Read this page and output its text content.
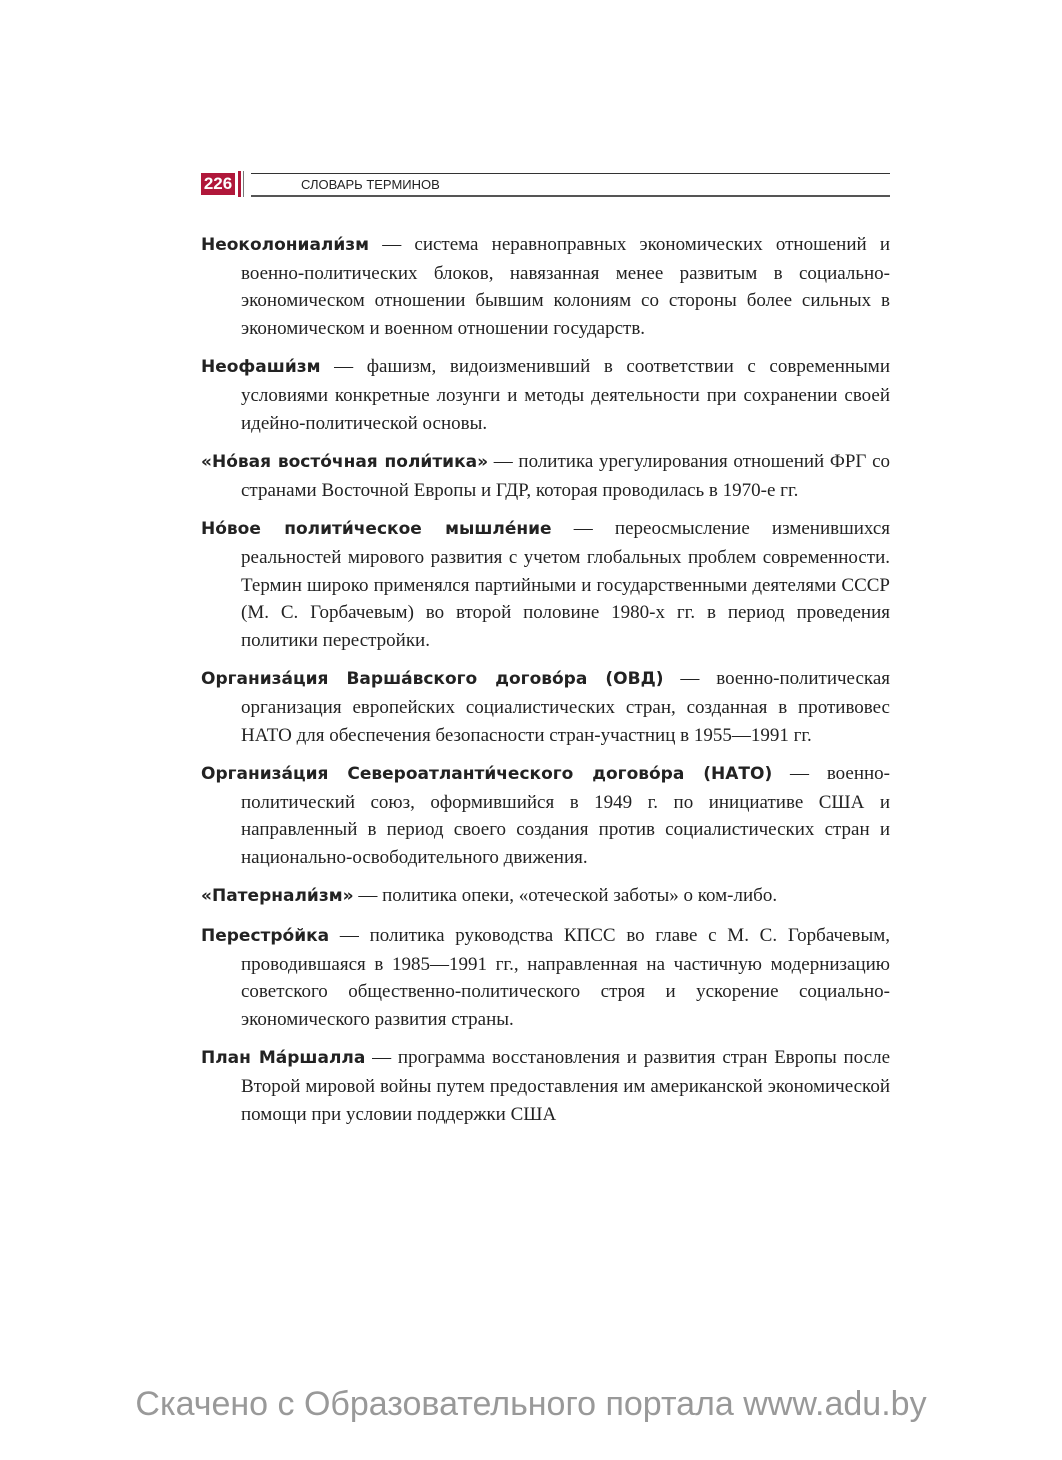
226	СЛОВАРЬ ТЕРМИНОВ

Неоколониали́зм — система неравноправных экономических отношений и военно-политических блоков, навязанная менее развитым в социально-экономическом отношении бывшим колониям со стороны более сильных в экономическом и военном отношении государств.

Неофаши́зм — фашизм, видоизменивший в соответствии с современными условиями конкретные лозунги и методы деятельности при сохранении своей идейно-политической основы.

«Но́вая восто́чная поли́тика» — политика урегулирования отношений ФРГ со странами Восточной Европы и ГДР, которая проводилась в 1970-е гг.

Но́вое полити́ческое мышле́ние — переосмысление изменившихся реальностей мирового развития с учетом глобальных проблем современности. Термин широко применялся партийными и государственными деятелями СССР (М. С. Горбачевым) во второй половине 1980-х гг. в период проведения политики перестройки.

Организа́ция Варша́вского догово́ра (ОВД) — военно-политическая организация европейских социалистических стран, созданная в противовес НАТО для обеспечения безопасности стран-участниц в 1955—1991 гг.

Организа́ция Североатланти́ческого догово́ра (НАТО) — военно-политический союз, оформившийся в 1949 г. по инициативе США и направленный в период своего создания против социалистических стран и национально-освободительного движения.

«Патернали́зм» — политика опеки, «отеческой заботы» о ком-либо.

Перестро́йка — политика руководства КПСС во главе с М. С. Горбачевым, проводившаяся в 1985—1991 гг., направленная на частичную модернизацию советского общественно-политического строя и ускорение социально-экономического развития страны.

План Ма́ршалла — программа восстановления и развития стран Европы после Второй мировой войны путем предоставления им американской экономической помощи при условии поддержки США

Скачено с Образовательного портала www.adu.by
